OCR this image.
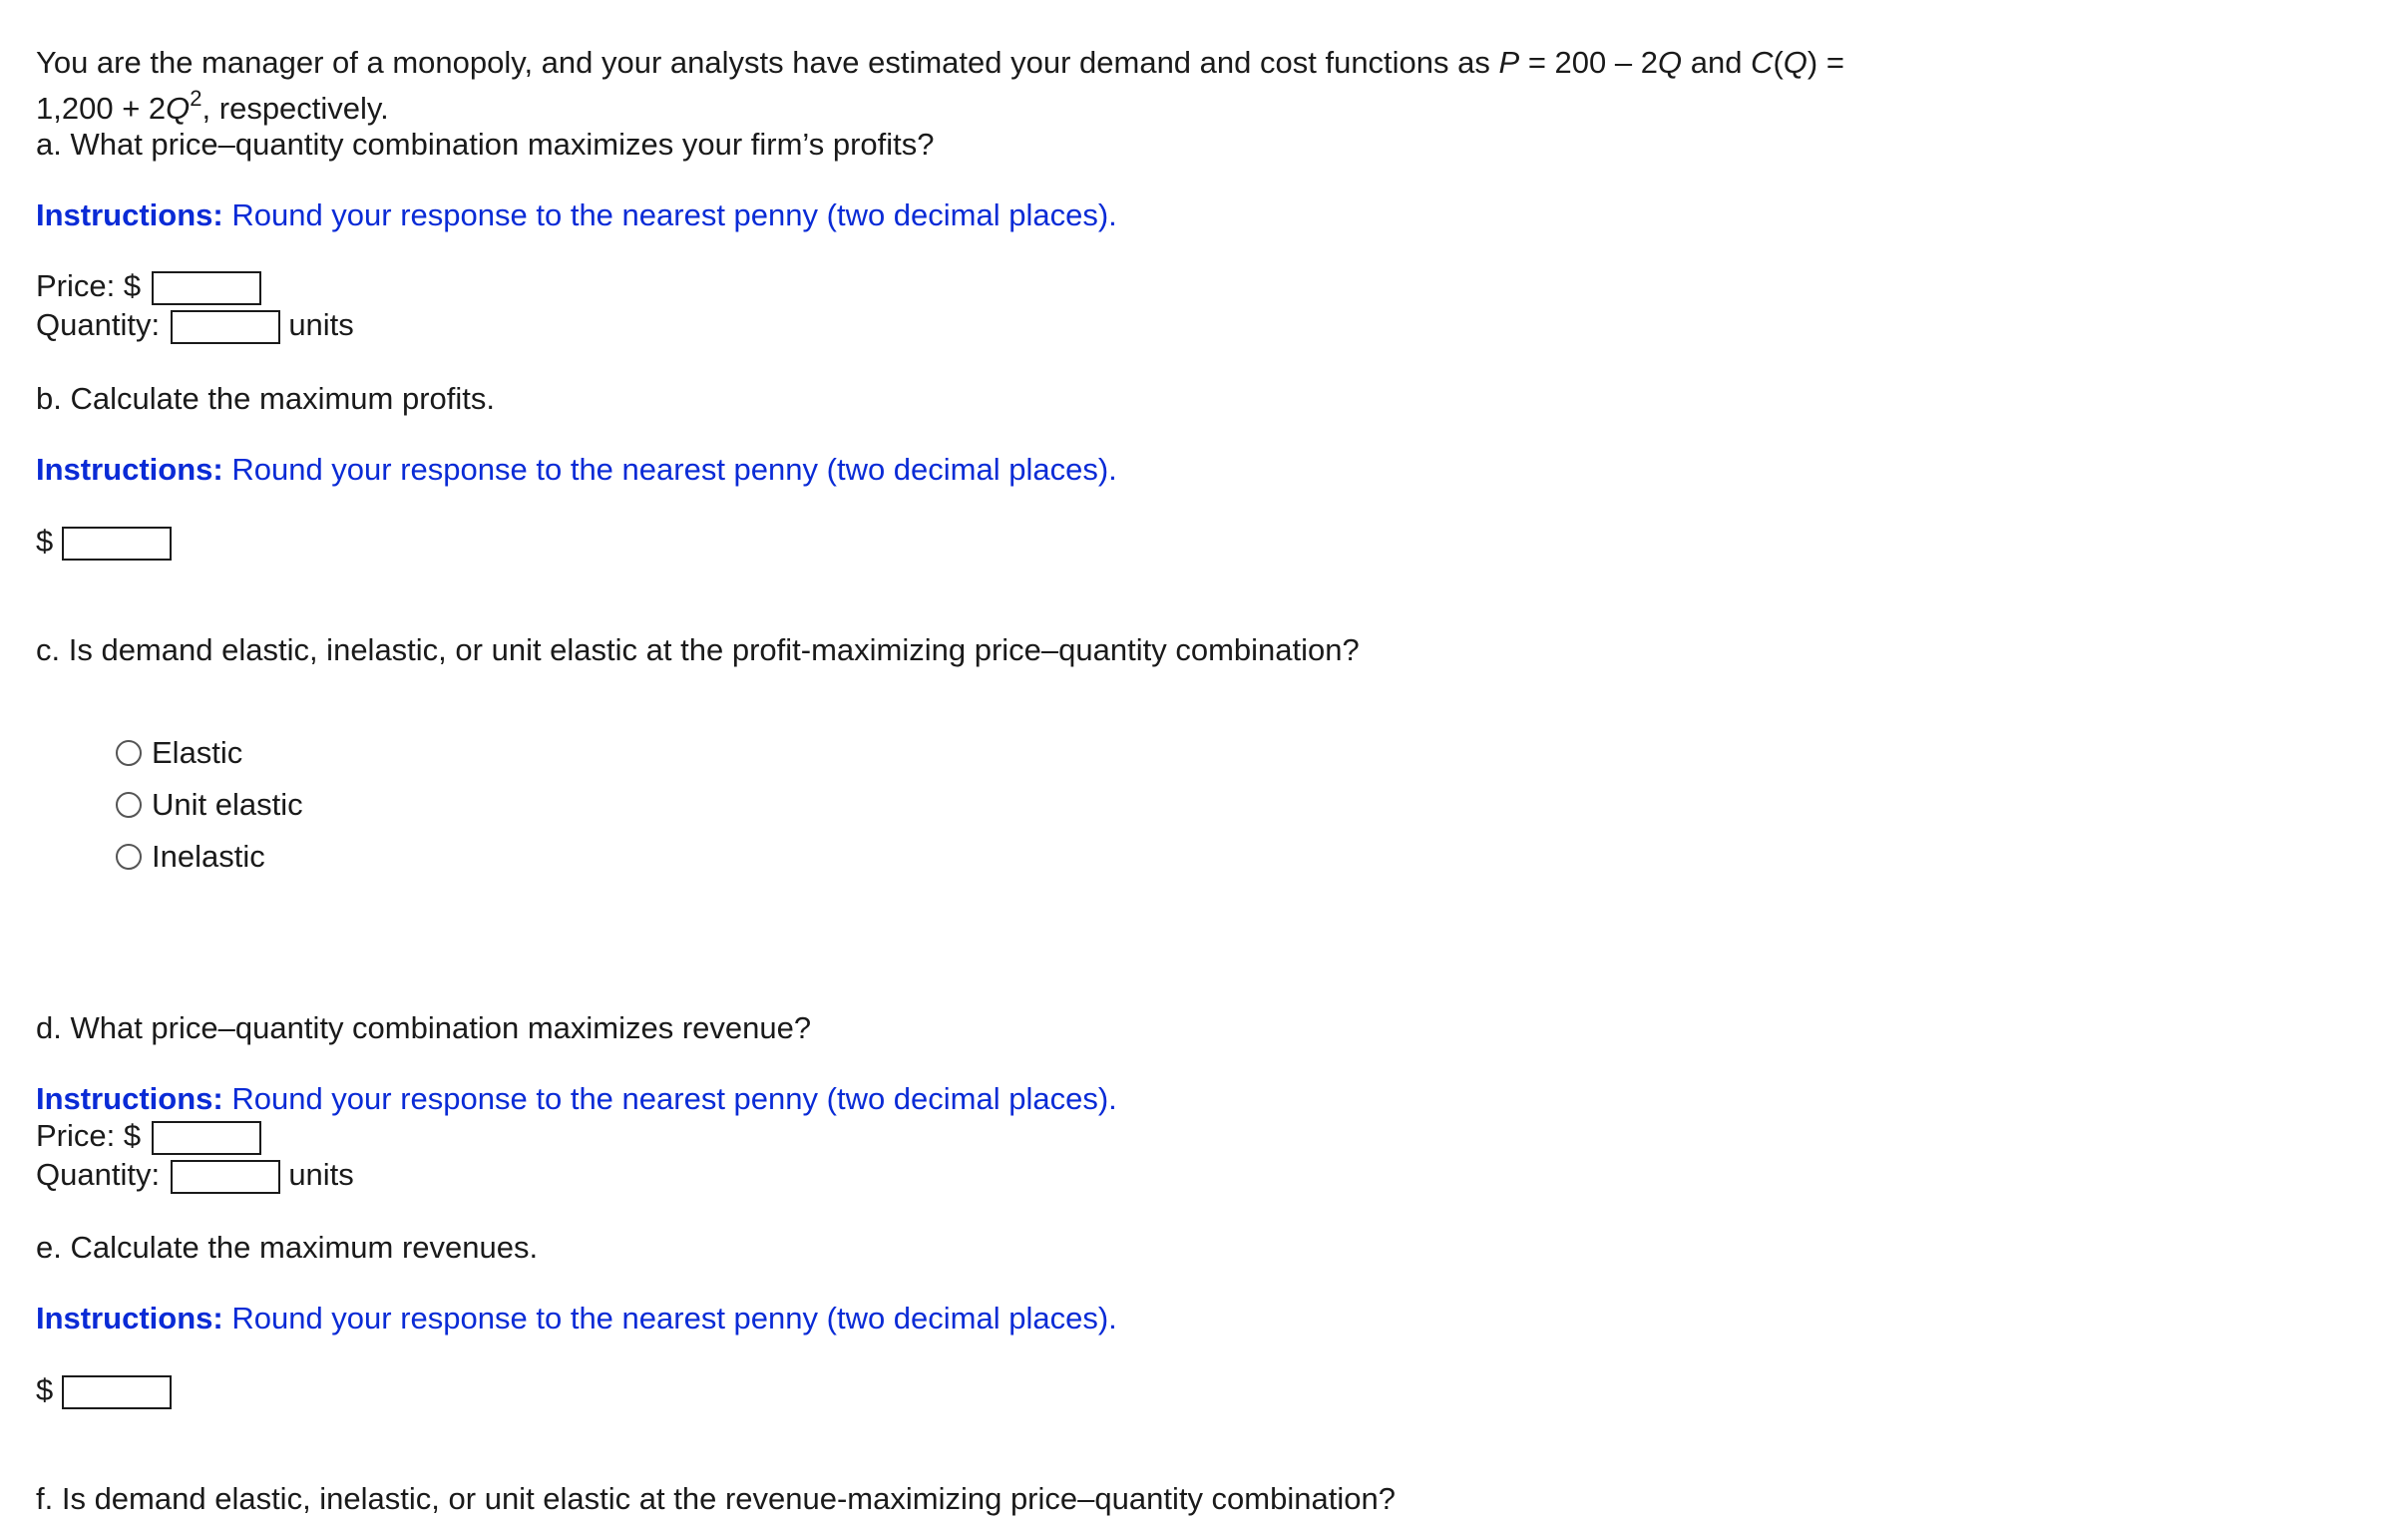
You are the manager of a monopoly, and your analysts have estimated your demand and cost functions as P = 200 – 2Q and C(Q) =
$1,200 + 2Q^2$, respectively.
a. What price–quantity combination maximizes your firm’s profits?
Instructions: Round your response to the nearest penny (two decimal places).
Price: $
Quantity:	units
b. Calculate the maximum profits.
Instructions: Round your response to the nearest penny (two decimal places).
$
c. Is demand elastic, inelastic, or unit elastic at the profit-maximizing price–quantity combination?
Elastic
Unit elastic
Inelastic
d. What price–quantity combination maximizes revenue?
Instructions: Round your response to the nearest penny (two decimal places).
Price: $
Quantity:	units
e. Calculate the maximum revenues.
Instructions: Round your response to the nearest penny (two decimal places).
$
f. Is demand elastic, inelastic, or unit elastic at the revenue-maximizing price–quantity combination?
